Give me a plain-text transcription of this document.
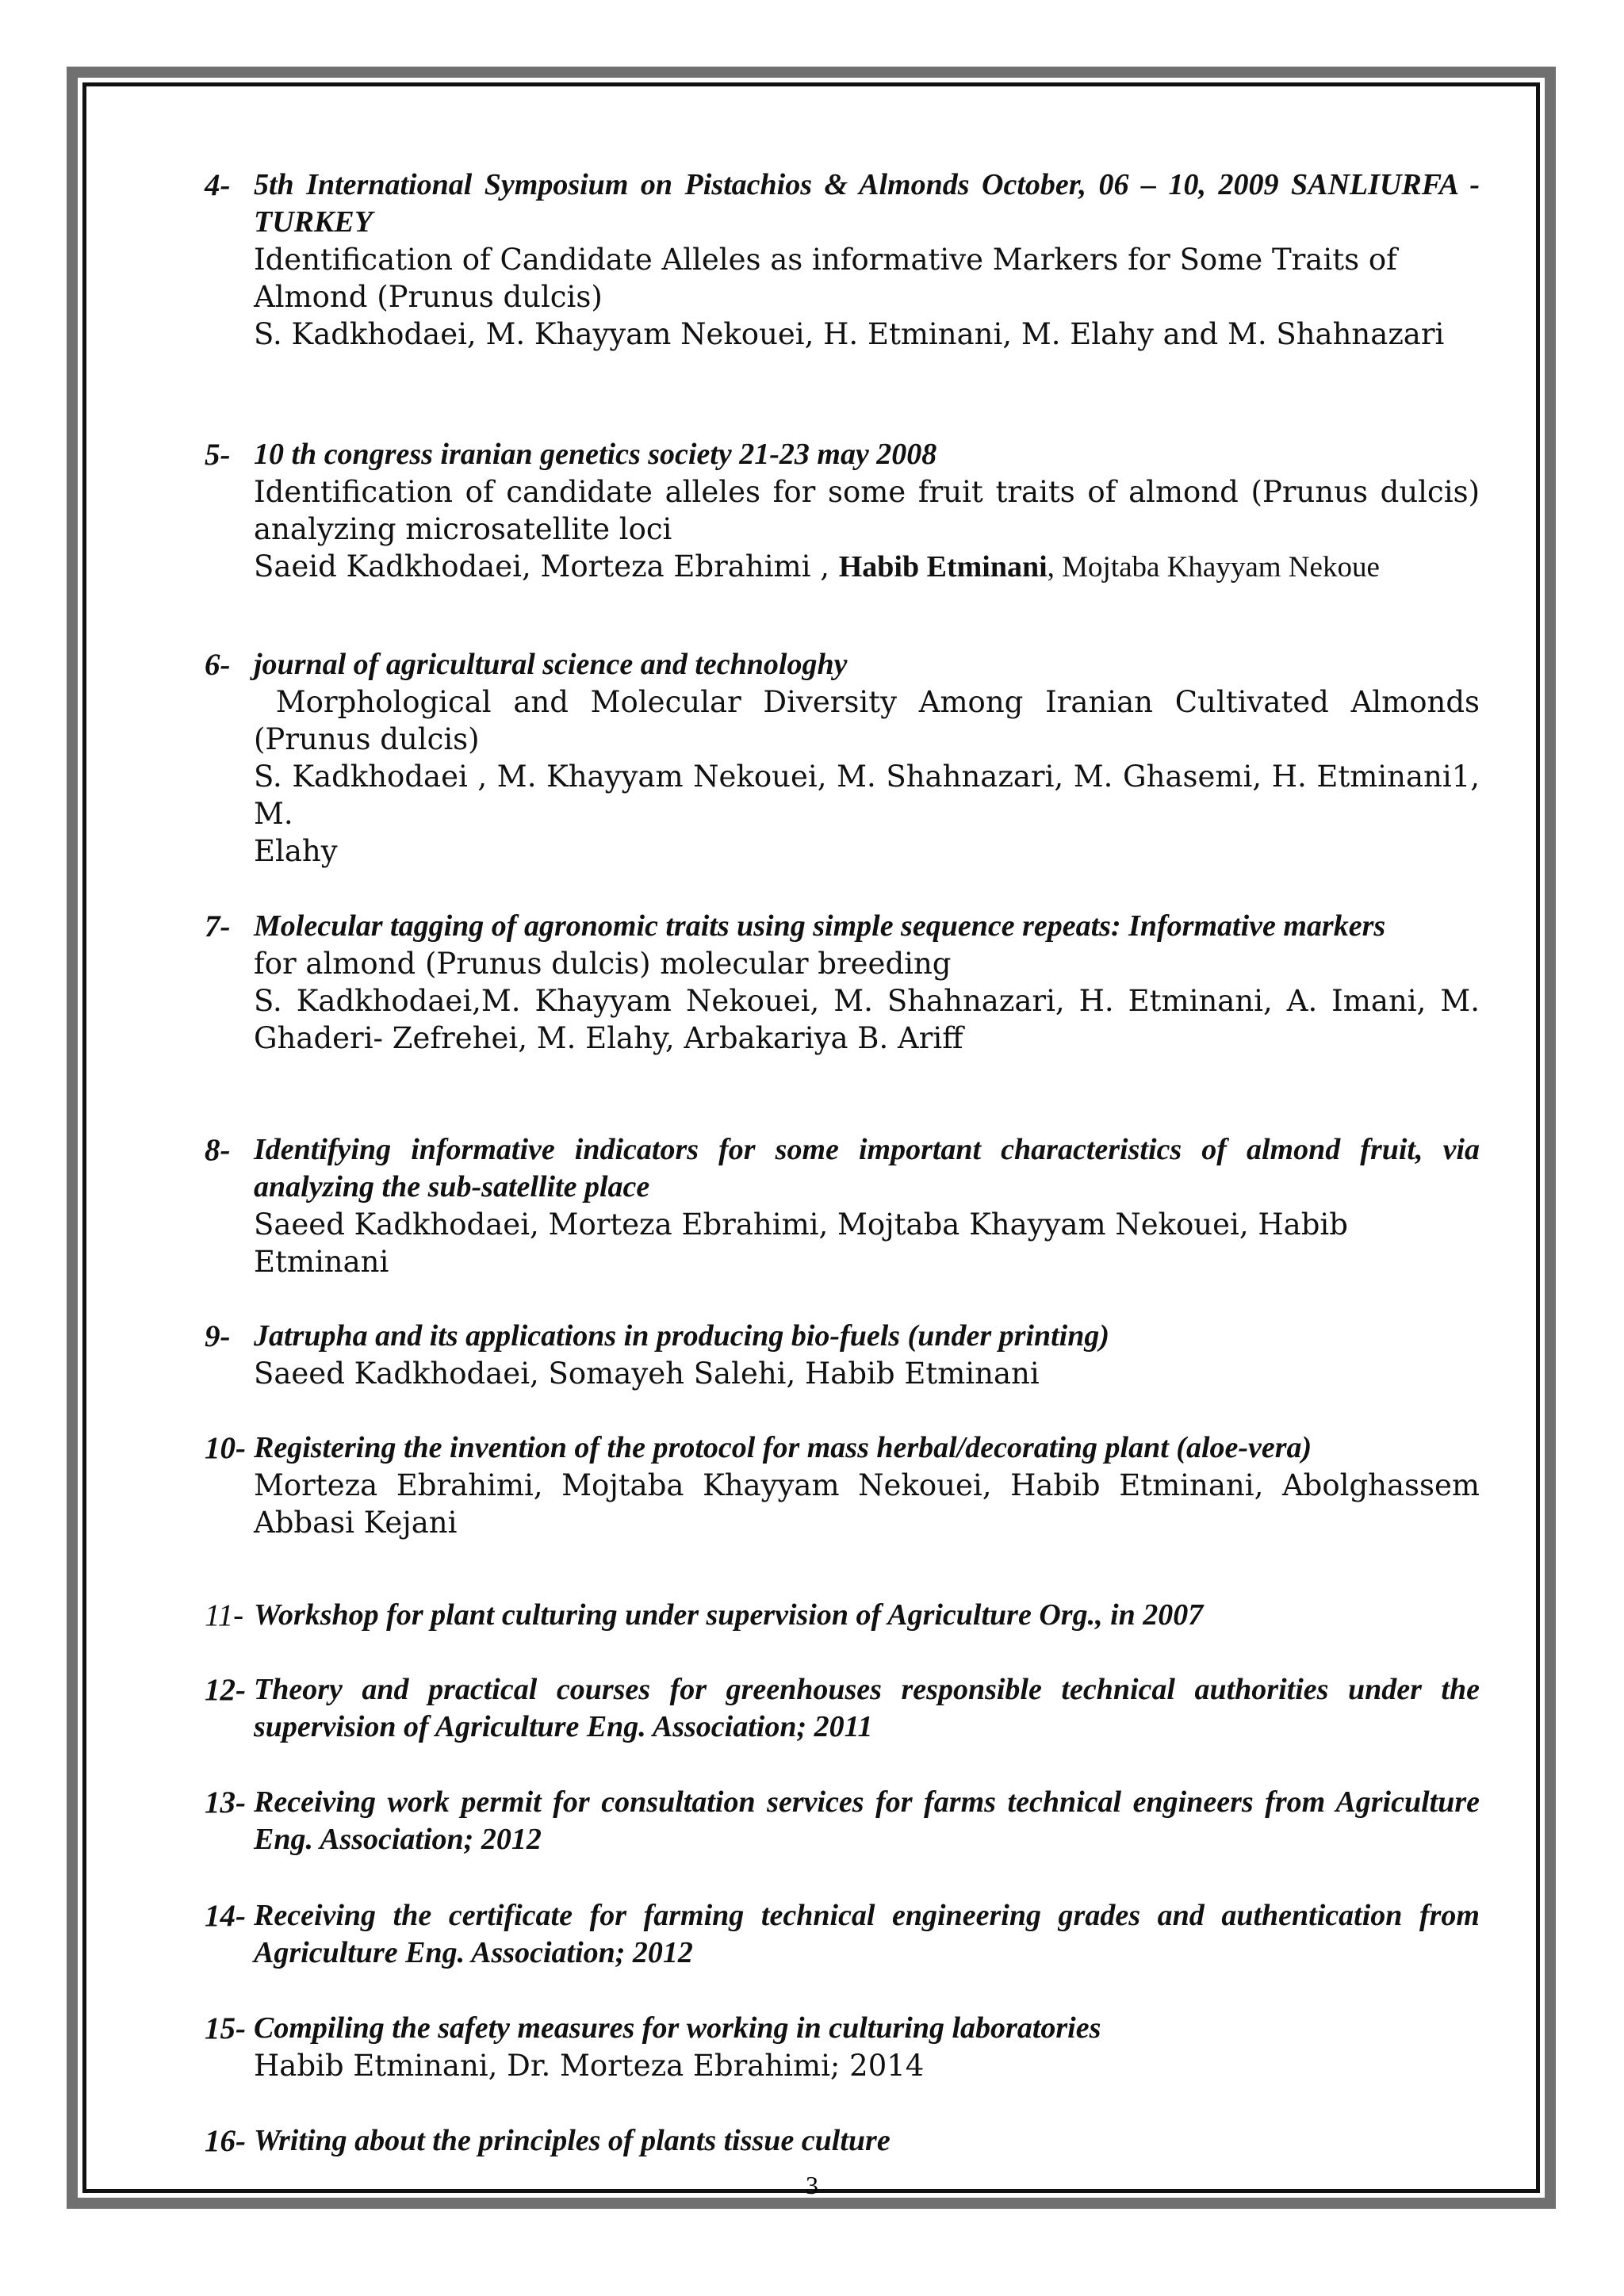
4- 5th International Symposium on Pistachios & Almonds October, 06 – 10, 2009 SANLIURFA - TURKEY

Identification of Candidate Alleles as informative Markers for Some Traits of

Almond (Prunus dulcis)

S. Kadkhodaei, M. Khayyam Nekouei, H. Etminani, M. Elahy and M. Shahnazari

5- 10 th congress iranian genetics society 21-23 may 2008

Identification of candidate alleles for some fruit traits of almond (Prunus dulcis)

analyzing microsatellite loci

Saeid Kadkhodaei, Morteza Ebrahimi , Habib Etminani, Mojtaba Khayyam Nekoue

6- journal of agricultural science and technologhy

Morphological and Molecular Diversity Among Iranian Cultivated Almonds

(Prunus dulcis)

S. Kadkhodaei , M. Khayyam Nekouei, M. Shahnazari, M. Ghasemi, H. Etminani1,

M.

Elahy

7- Molecular tagging of agronomic traits using simple sequence repeats: Informative markers

for almond (Prunus dulcis) molecular breeding

S. Kadkhodaei,M. Khayyam Nekouei, M. Shahnazari, H. Etminani, A. Imani, M.

Ghaderi- Zefrehei, M. Elahy, Arbakariya B. Ariff

8- Identifying informative indicators for some important characteristics of almond fruit, via analyzing the sub-satellite place

Saeed Kadkhodaei, Morteza Ebrahimi, Mojtaba Khayyam Nekouei, Habib Etminani

9- Jatrupha and its applications in producing bio-fuels (under printing)

Saeed Kadkhodaei, Somayeh Salehi, Habib Etminani

10- Registering the invention of the protocol for mass herbal/decorating plant (aloe-vera)

Morteza Ebrahimi, Mojtaba Khayyam Nekouei, Habib Etminani, Abolghassem

Abbasi Kejani

11- Workshop for plant culturing under supervision of Agriculture Org., in 2007

12- Theory and practical courses for greenhouses responsible technical authorities under the supervision of Agriculture Eng. Association; 2011

13- Receiving work permit for consultation services for farms technical engineers from Agriculture Eng. Association; 2012

14- Receiving the certificate for farming technical engineering grades and authentication from Agriculture Eng. Association; 2012

15- Compiling the safety measures for working in culturing laboratories

Habib Etminani, Dr. Morteza Ebrahimi; 2014

16- Writing about the principles of plants tissue culture

3
